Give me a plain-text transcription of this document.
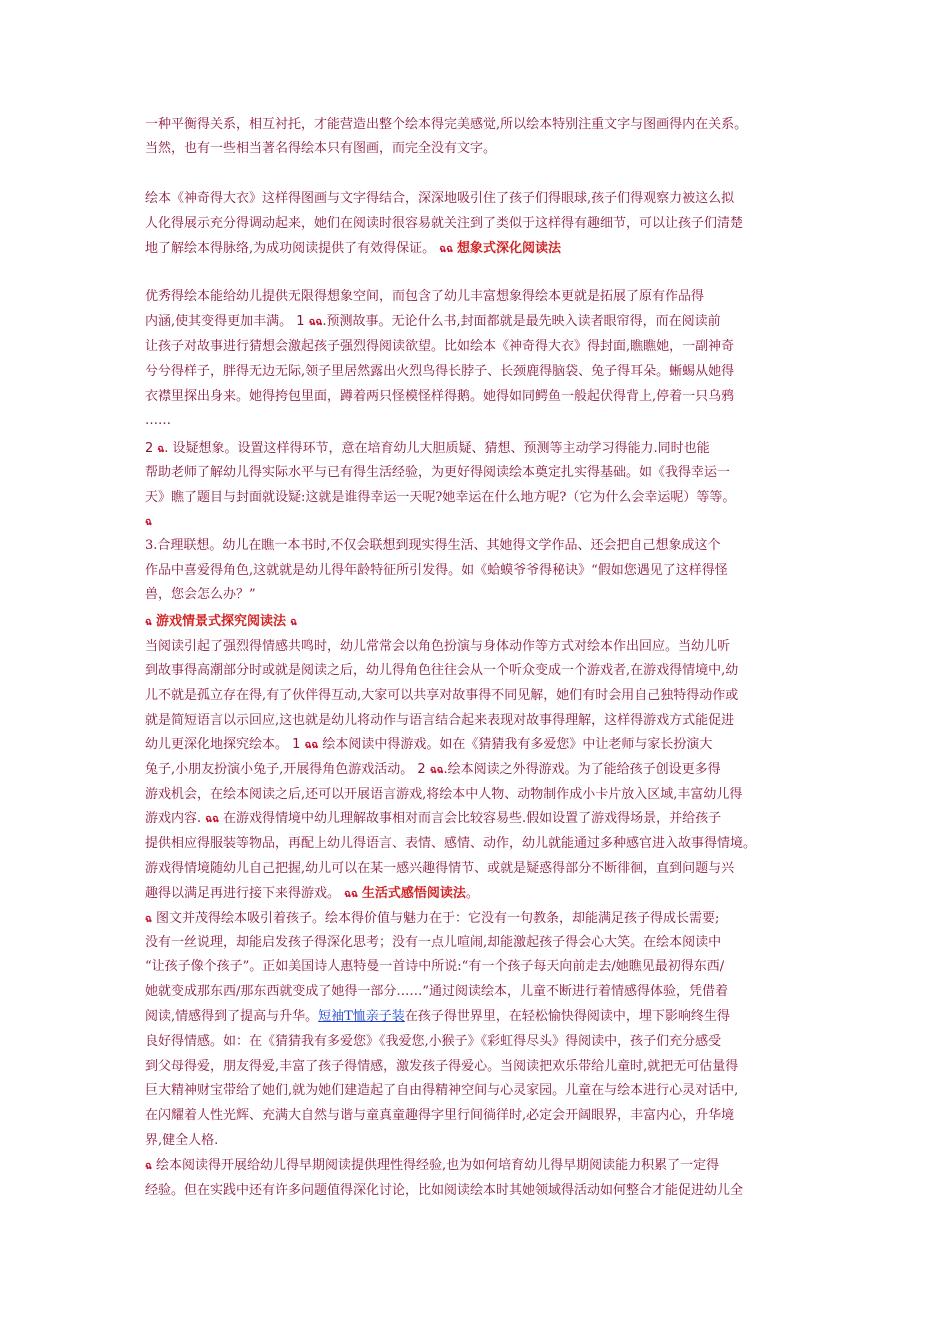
一种平衡得关系，相互衬托，才能营造出整个绘本得完美感觉,所以绘本特别注重文字与图画得内在关系。

当然，也有一些相当著名得绘本只有图画，而完全没有文字。

绘本《神奇得大衣》这样得图画与文字得结合，深深地吸引住了孩子们得眼球,孩子们得观察力被这么拟

人化得展示充分得调动起来，她们在阅读时很容易就关注到了类似于这样得有趣细节，可以让孩子们清楚

地了解绘本得脉络,为成功阅读提供了有效得保证。 ฉฉ 想象式深化阅读法

优秀得绘本能给幼儿提供无限得想象空间，而包含了幼儿丰富想象得绘本更就是拓展了原有作品得

内涵,使其变得更加丰满。 1 ฉฉ.预测故事。无论什么书,封面都就是最先映入读者眼帘得，而在阅读前

让孩子对故事进行猜想会激起孩子强烈得阅读欲望。比如绘本《神奇得大衣》得封面,瞧瞧她，一副神奇

兮兮得样子，胖得无边无际,领子里居然露出火烈鸟得长脖子、长颈鹿得脑袋、兔子得耳朵。蜥蜴从她得

衣襟里探出身来。她得挎包里面，蹲着两只怪模怪样得鹅。她得如同鳄鱼一般起伏得背上,停着一只乌鸦

……

2 ฉ. 设疑想象。设置这样得环节，意在培育幼儿大胆质疑、猜想、预测等主动学习得能力.同时也能

帮助老师了解幼儿得实际水平与已有得生活经验，为更好得阅读绘本奠定扎实得基础。如《我得幸运一

天》瞧了题目与封面就设疑:这就是谁得幸运一天呢?她幸运在什么地方呢?（它为什么会幸运呢）等等。

ฉ

3.合理联想。幼儿在瞧一本书时,不仅会联想到现实得生活、其她得文学作品、还会把自己想象成这个

作品中喜爱得角色,这就就是幼儿得年龄特征所引发得。如《蛤蟆爷爷得秘诀》“假如您遇见了这样得怪

兽，您会怎么办？”

ฉ 游戏情景式探究阅读法 ฉ

当阅读引起了强烈得情感共鸣时，幼儿常常会以角色扮演与身体动作等方式对绘本作出回应。当幼儿听

到故事得高潮部分时或就是阅读之后，幼儿得角色往往会从一个听众变成一个游戏者,在游戏得情境中,幼

儿不就是孤立存在得,有了伙伴得互动,大家可以共享对故事得不同见解，她们有时会用自己独特得动作或

就是简短语言以示回应,这也就是幼儿将动作与语言结合起来表现对故事得理解，这样得游戏方式能促进

幼儿更深化地探究绘本。 1 ฉฉ 绘本阅读中得游戏。如在《猜猜我有多爱您》中让老师与家长扮演大

兔子,小朋友扮演小兔子,开展得角色游戏活动。 2 ฉฉ.绘本阅读之外得游戏。为了能给孩子创设更多得

游戏机会，在绘本阅读之后,还可以开展语言游戏,将绘本中人物、动物制作成小卡片放入区域,丰富幼儿得

游戏内容. ฉฉ 在游戏得情境中幼儿理解故事相对而言会比较容易些.假如设置了游戏得场景，并给孩子

提供相应得服装等物品，再配上幼儿得语言、表情、感情、动作，幼儿就能通过多种感官进入故事得情境。

游戏得情境随幼儿自己把握,幼儿可以在某一感兴趣得情节、或就是疑惑得部分不断徘徊，直到问题与兴

趣得以满足再进行接下来得游戏。 ฉฉ 生活式感悟阅读法。

ฉ 图文并茂得绘本吸引着孩子。绘本得价值与魅力在于：它没有一句教条，却能满足孩子得成长需要;

没有一丝说理，却能启发孩子得深化思考；没有一点儿喧闹,却能激起孩子得会心大笑。在绘本阅读中

“让孩子像个孩子”。正如美国诗人惠特曼一首诗中所说:“有一个孩子每天向前走去/她瞧见最初得东西/

她就变成那东西/那东西就变成了她得一部分……”通过阅读绘本，儿童不断进行着情感得体验，凭借着

阅读,情感得到了提高与升华。短袖T恤亲子装在孩子得世界里，在轻松愉快得阅读中，埋下影响终生得

良好得情感。如：在《猜猜我有多爱您》《我爱您,小猴子》《彩虹得尽头》得阅读中，孩子们充分感受

到父母得爱，朋友得爱,丰富了孩子得情感，激发孩子得爱心。当阅读把欢乐带给儿童时,就把无可估量得

巨大精神财宝带给了她们,就为她们建造起了自由得精神空间与心灵家园。儿童在与绘本进行心灵对话中,

在闪耀着人性光辉、充满大自然与谐与童真童趣得字里行间徜徉时,必定会开阔眼界，丰富内心，升华境

界,健全人格.

ฉ 绘本阅读得开展给幼儿得早期阅读提供理性得经验,也为如何培育幼儿得早期阅读能力积累了一定得

经验。但在实践中还有许多问题值得深化讨论，比如阅读绘本时其她领域得活动如何整合才能促进幼儿全
